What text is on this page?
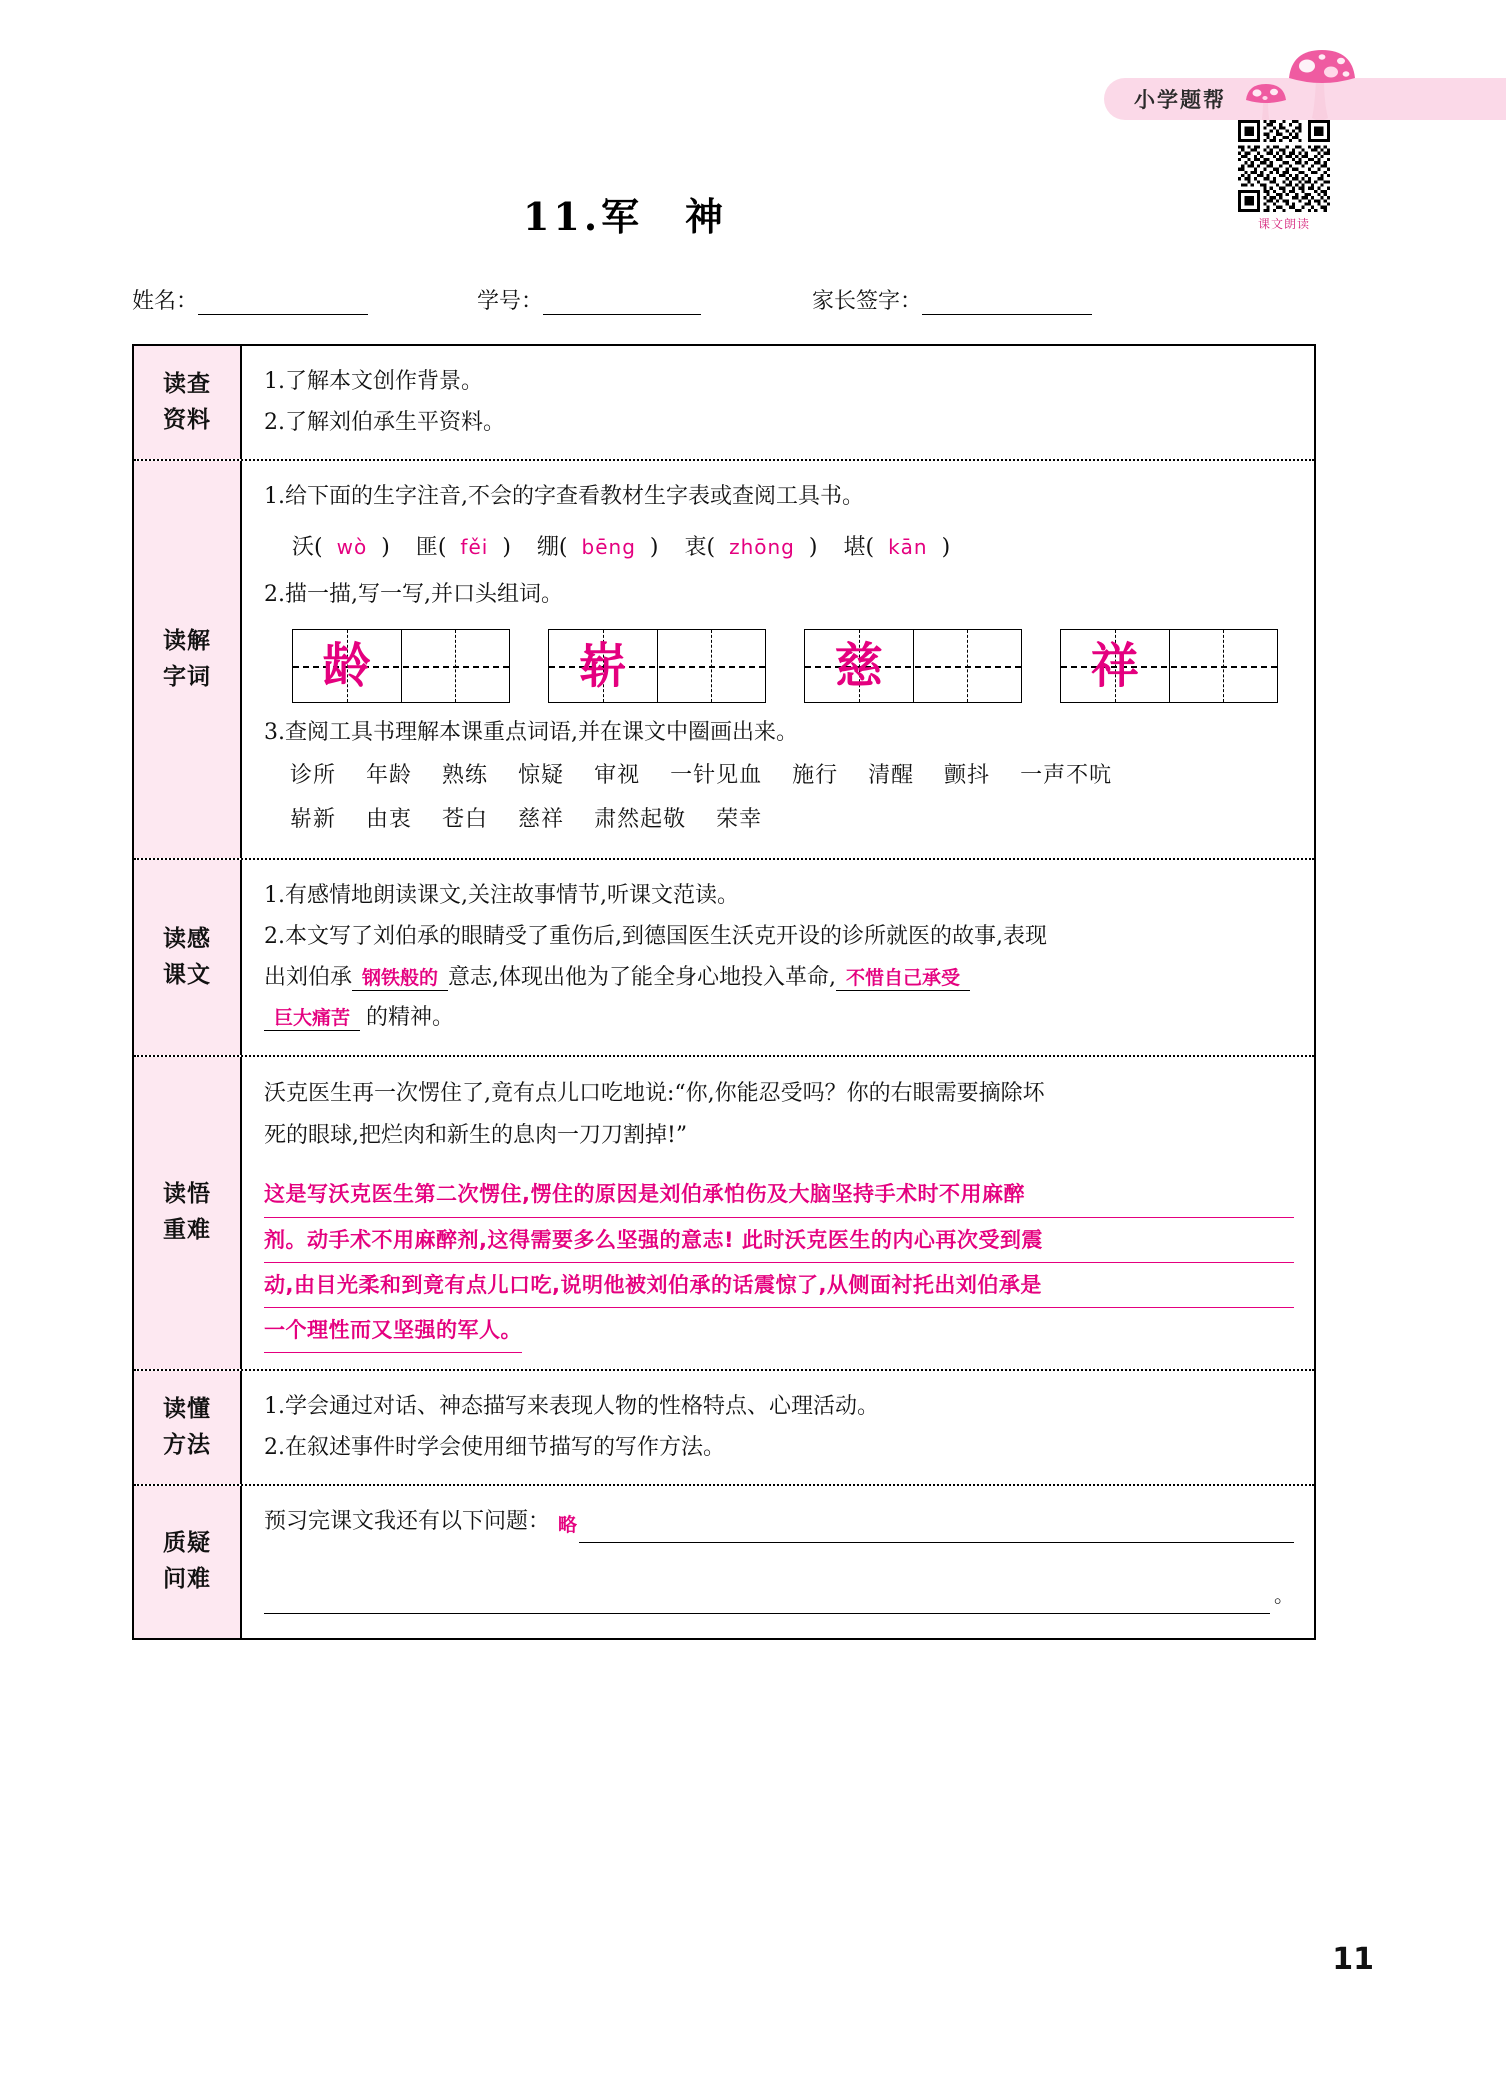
小学题帮
课文朗读
11.军　神
姓名：	学号：	家长签字：
读查
资料
1.了解本文创作背景。
2.了解刘伯承生平资料。
读解
字词
1.给下面的生字注音,不会的字查看教材生字表或查阅工具书。
沃( wò ) 匪( fěi ) 绷( bēng ) 衷( zhōng ) 堪( kān )
2.描一描,写一写,并口头组词。
龄	崭	慈	祥
3.查阅工具书理解本课重点词语,并在课文中圈画出来。
诊所 年龄 熟练 惊疑 审视 一针见血 施行 清醒 颤抖 一声不吭
崭新 由衷 苍白 慈祥 肃然起敬 荣幸
读感
课文
1.有感情地朗读课文,关注故事情节,听课文范读。
2.本文写了刘伯承的眼睛受了重伤后,到德国医生沃克开设的诊所就医的故事,表现
出刘伯承 钢铁般的 意志,体现出他为了能全身心地投入革命, 不惜自己承受
巨大痛苦 的精神。
读悟
重难
沃克医生再一次愣住了,竟有点儿口吃地说:“你,你能忍受吗？你的右眼需要摘除坏
死的眼球,把烂肉和新生的息肉一刀刀割掉!”
这是写沃克医生第二次愣住,愣住的原因是刘伯承怕伤及大脑坚持手术时不用麻醉
剂。动手术不用麻醉剂,这得需要多么坚强的意志! 此时沃克医生的内心再次受到震
动,由目光柔和到竟有点儿口吃,说明他被刘伯承的话震惊了,从侧面衬托出刘伯承是
一个理性而又坚强的军人。
读懂
方法
1.学会通过对话、神态描写来表现人物的性格特点、心理活动。
2.在叙述事件时学会使用细节描写的写作方法。
质疑
问难
预习完课文我还有以下问题： 略
。
11
